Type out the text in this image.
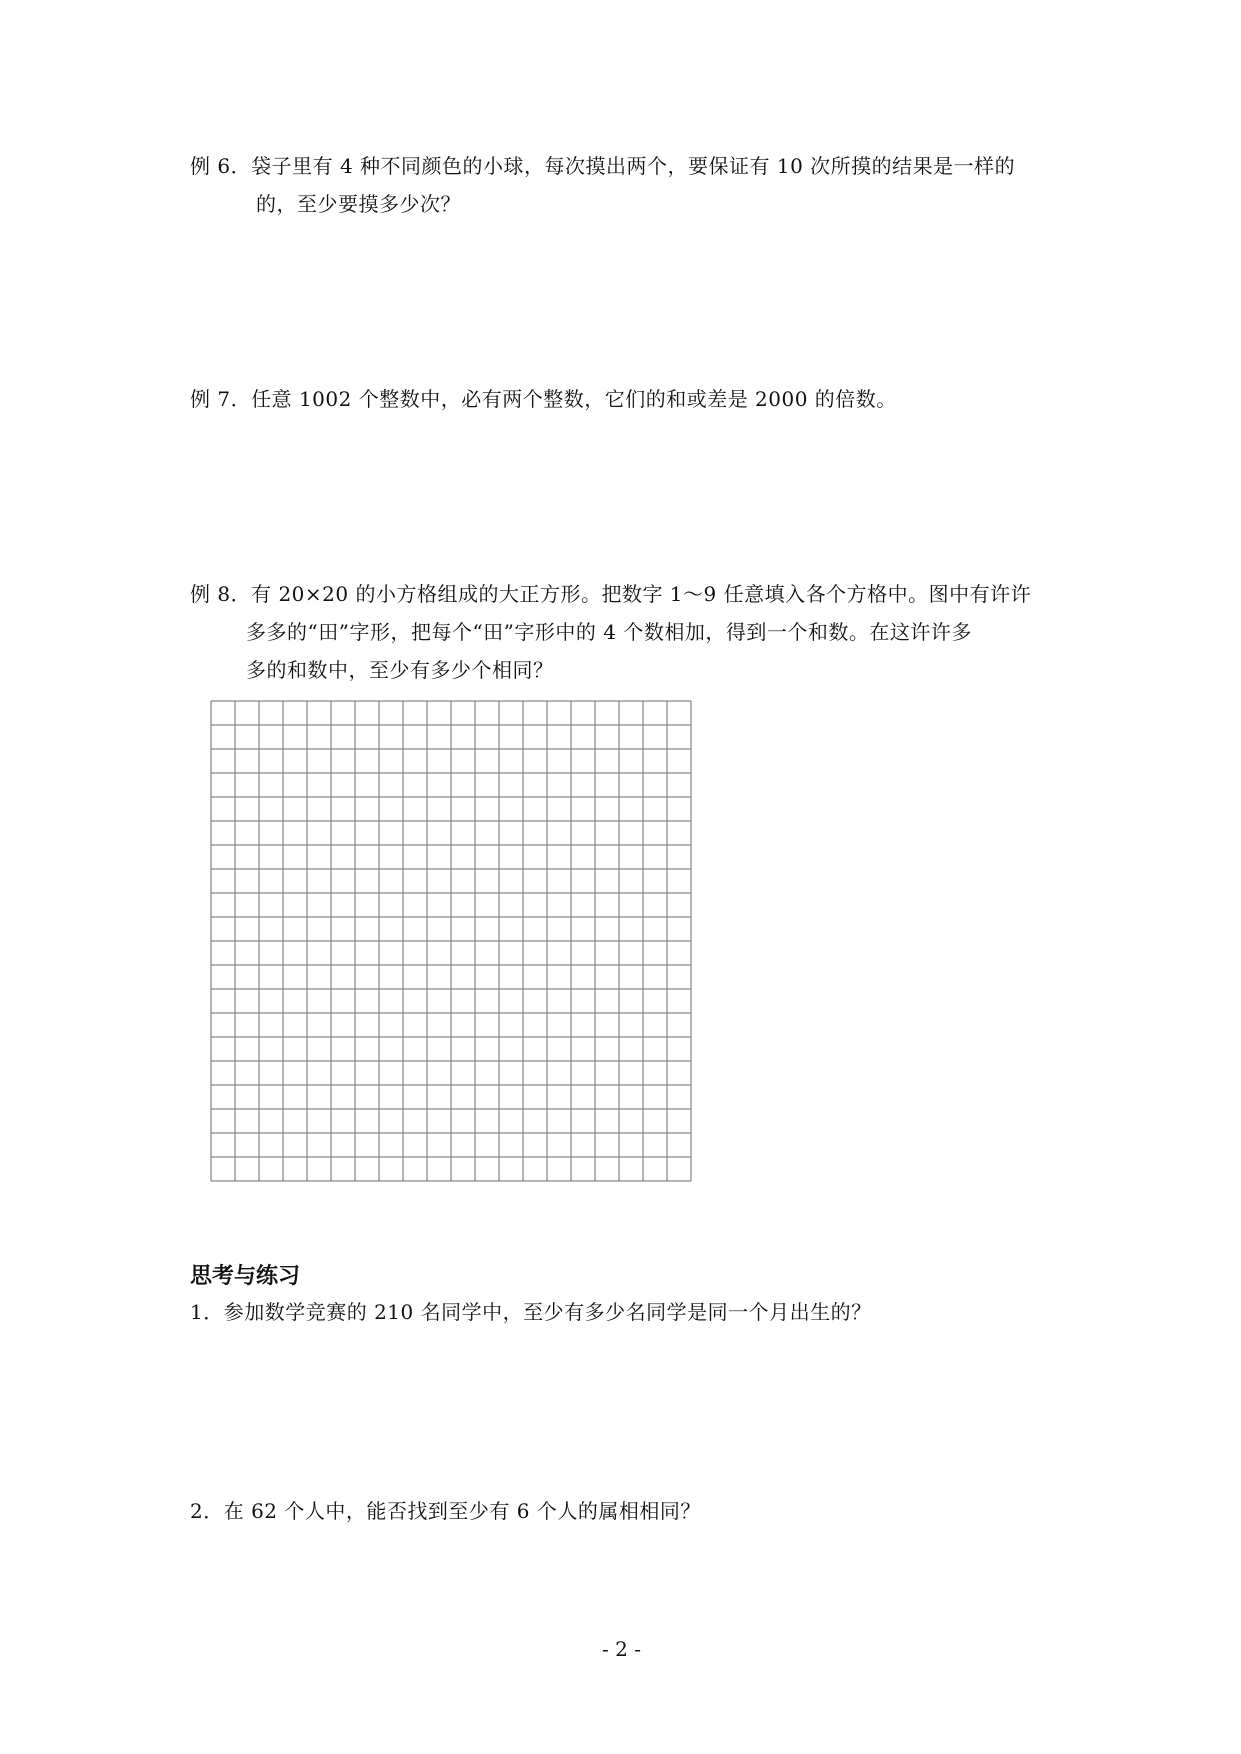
例 6．袋子里有 4 种不同颜色的小球，每次摸出两个，要保证有 10 次所摸的结果是一样的
的，至少要摸多少次？
例 7．任意 1002 个整数中，必有两个整数，它们的和或差是 2000 的倍数。
例 8．有 20×20 的小方格组成的大正方形。把数字 1～9 任意填入各个方格中。图中有许许
多多的“田”字形，把每个“田”字形中的 4 个数相加，得到一个和数。在这许许多
多的和数中，至少有多少个相同？
思考与练习
1．参加数学竞赛的 210 名同学中，至少有多少名同学是同一个月出生的？
2．在 62 个人中，能否找到至少有 6 个人的属相相同？
- 2 -
